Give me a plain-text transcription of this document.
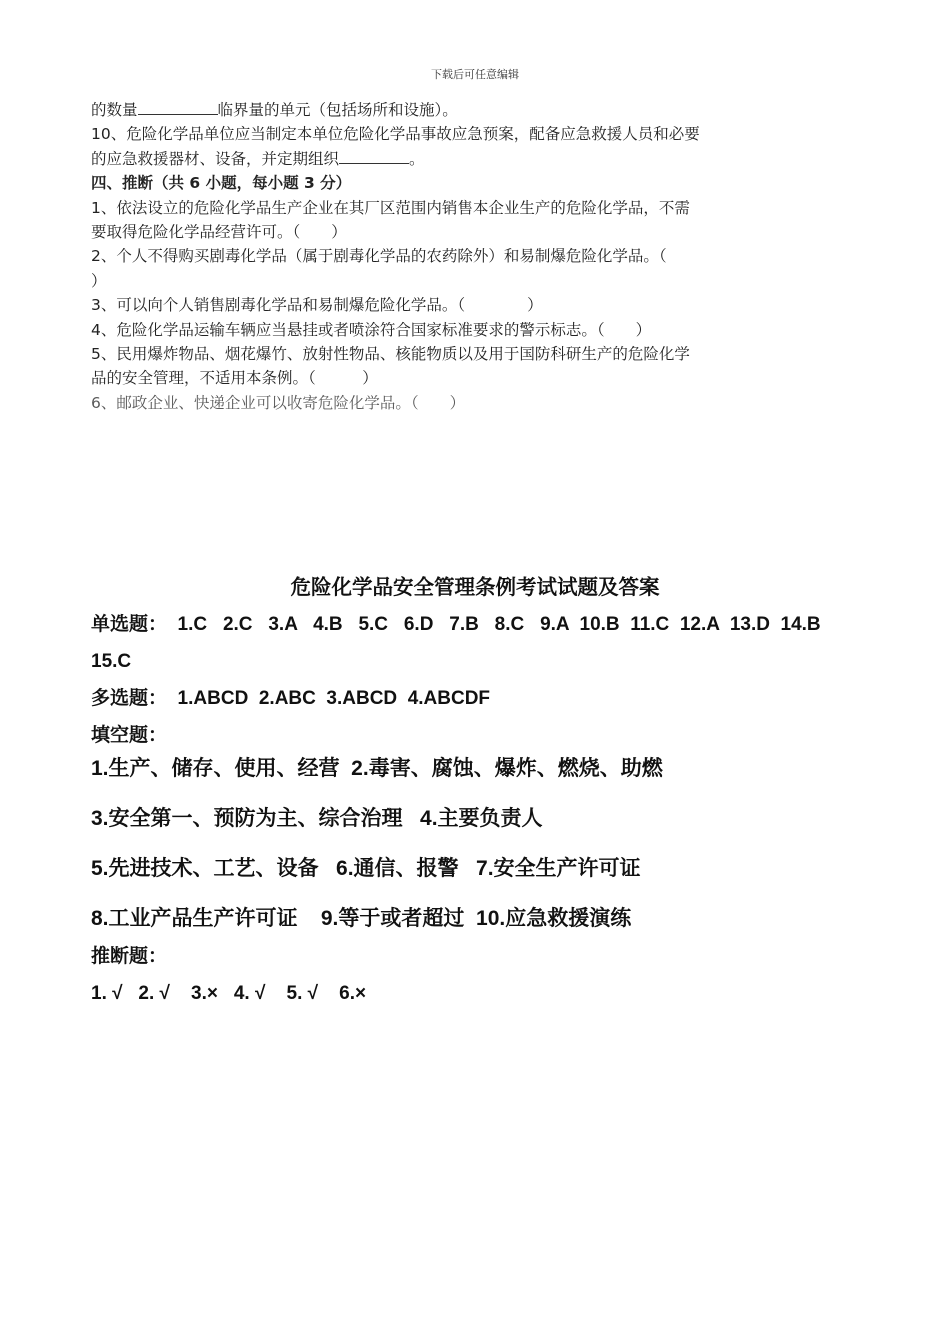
下载后可任意编辑

的数量	临界量的单元（包括场所和设施）。

10、危险化学品单位应当制定本单位危险化学品事故应急预案，配备应急救援人员和必要

的应急救援器材、设备，并定期组织	。

四、推断（共 6 小题，每小题 3 分）

1、依法设立的危险化学品生产企业在其厂区范围内销售本企业生产的危险化学品，不需

要取得危险化学品经营许可。（　　）

2、个人不得购买剧毒化学品（属于剧毒化学品的农药除外）和易制爆危险化学品。（

）

3、可以向个人销售剧毒化学品和易制爆危险化学品。（　　　　）

4、危险化学品运输车辆应当悬挂或者喷涂符合国家标准要求的警示标志。（　　）

5、民用爆炸物品、烟花爆竹、放射性物品、核能物质以及用于国防科研生产的危险化学

品的安全管理，不适用本条例。（　　　）

6、邮政企业、快递企业可以收寄危险化学品。（　　）

危险化学品安全管理条例考试试题及答案

单选题：  1.C   2.C   3.A   4.B   5.C   6.D   7.B   8.C   9.A  10.B  11.C  12.A  13.D  14.B

15.C

多选题：  1.ABCD  2.ABC  3.ABCD  4.ABCDF

填空题：

1.生产、储存、使用、经营  2.毒害、腐蚀、爆炸、燃烧、助燃

3.安全第一、预防为主、综合治理   4.主要负责人

5.先进技术、工艺、设备   6.通信、报警   7.安全生产许可证

8.工业产品生产许可证    9.等于或者超过  10.应急救援演练

推断题：

1. √   2. √    3.×   4. √    5. √    6.×
